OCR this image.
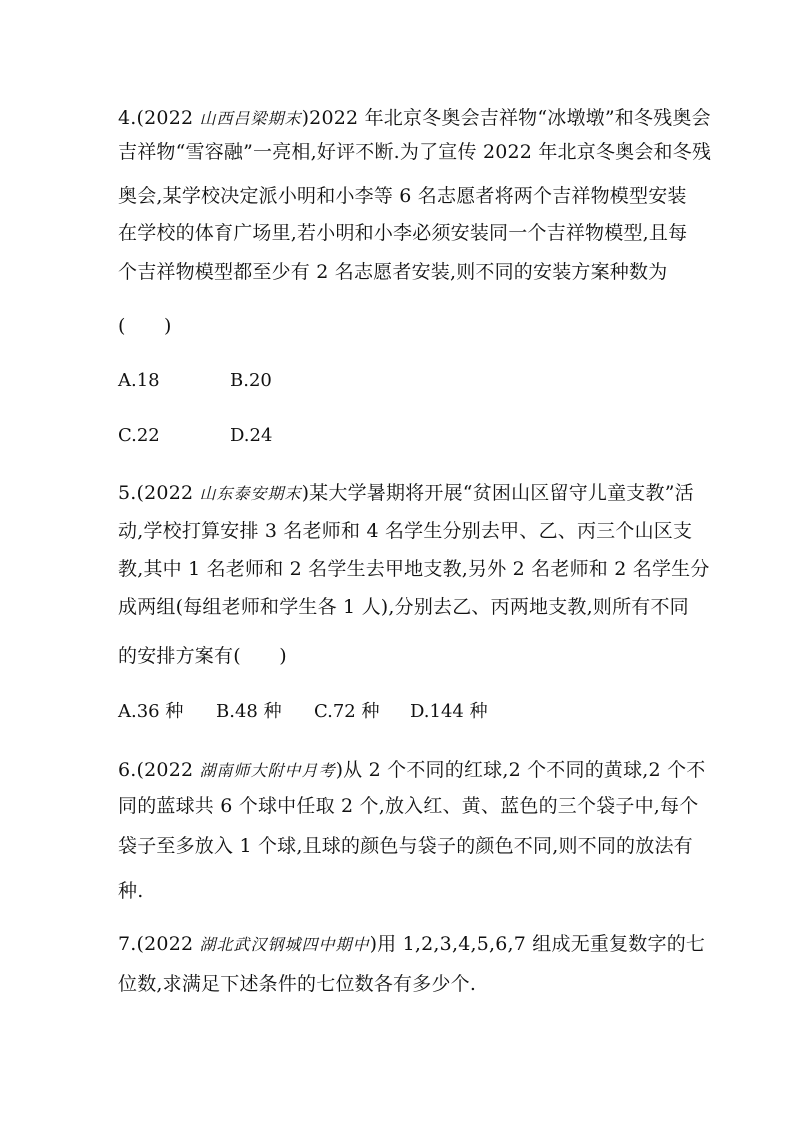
4.(2022 山西吕梁期末)2022 年北京冬奥会吉祥物“冰墩墩”和冬残奥会
吉祥物“雪容融”一亮相,好评不断.为了宣传 2022 年北京冬奥会和冬残
奥会,某学校决定派小明和小李等 6 名志愿者将两个吉祥物模型安装
在学校的体育广场里,若小明和小李必须安装同一个吉祥物模型,且每
个吉祥物模型都至少有 2 名志愿者安装,则不同的安装方案种数为
(　　)
A.18	B.20
C.22	D.24
5.(2022 山东泰安期末)某大学暑期将开展“贫困山区留守儿童支教”活
动,学校打算安排 3 名老师和 4 名学生分别去甲、乙、丙三个山区支
教,其中 1 名老师和 2 名学生去甲地支教,另外 2 名老师和 2 名学生分
成两组(每组老师和学生各 1 人),分别去乙、丙两地支教,则所有不同
的安排方案有(　　)
A.36 种 B.48 种 C.72 种 D.144 种
6.(2022 湖南师大附中月考)从 2 个不同的红球,2 个不同的黄球,2 个不
同的蓝球共 6 个球中任取 2 个,放入红、黄、蓝色的三个袋子中,每个
袋子至多放入 1 个球,且球的颜色与袋子的颜色不同,则不同的放法有
种.
7.(2022 湖北武汉钢城四中期中)用 1,2,3,4,5,6,7 组成无重复数字的七
位数,求满足下述条件的七位数各有多少个.
